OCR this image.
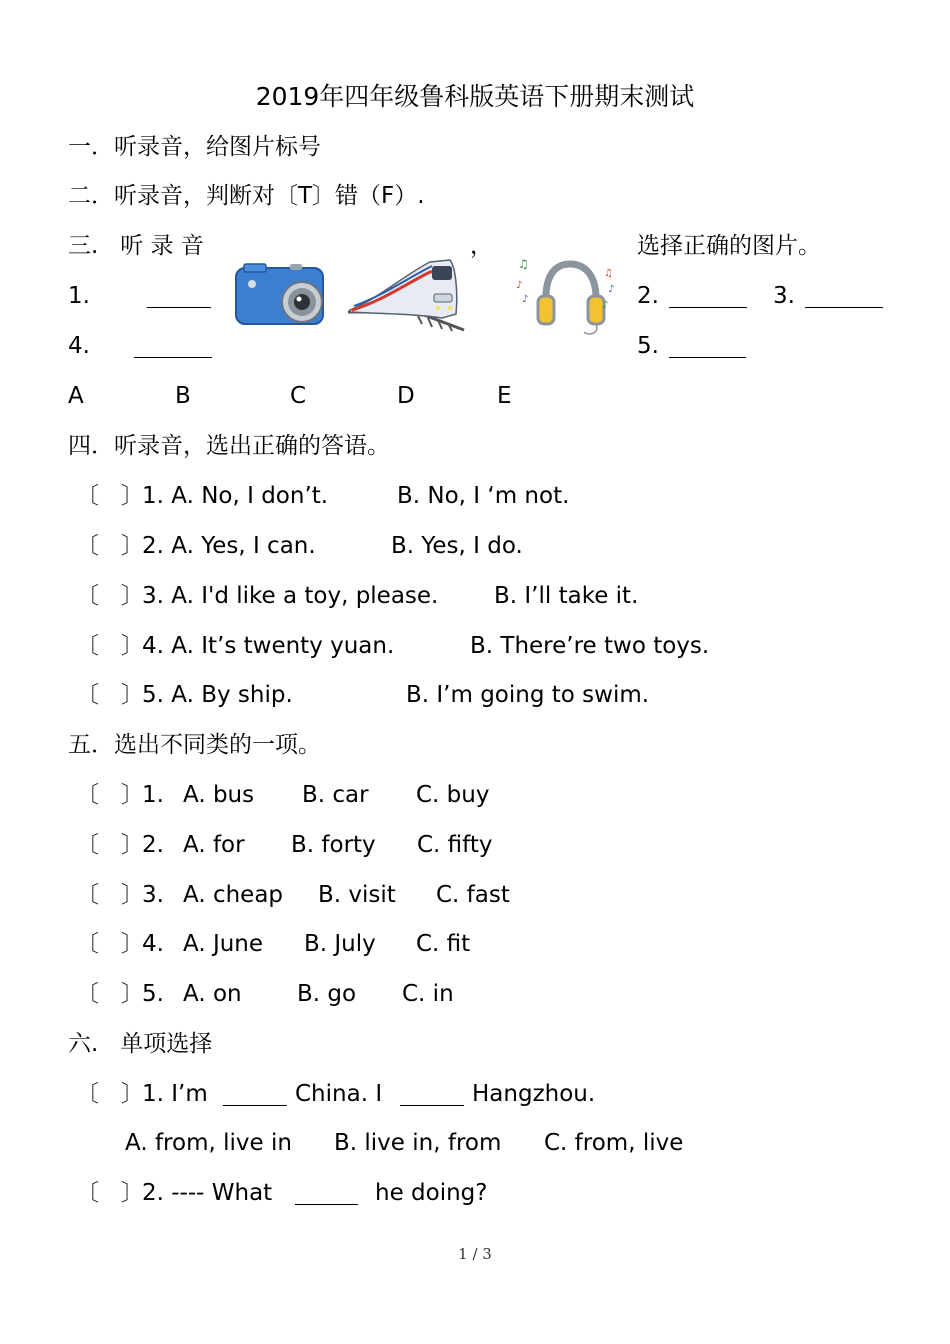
2019年四年级鲁科版英语下册期末测试
一．听录音，给图片标号
二．听录音，判断对〔T〕错（F）.
三.   听 录 音	，	选择正确的图片。
1.	2.	3.
4.	5.
♫
♪
♪
♫
♪
♪
A	B	C	D	E
四．听录音，选出正确的答语。
〔   〕
1. A. No, I don’t.	B. No, I ‘m not.
〔   〕
2. A. Yes, I can.	B. Yes, I do.
〔   〕
3. A. I'd like a toy, please. B. I’ll take it.
〔   〕
4. A. It’s twenty yuan.	B. There’re two toys.
〔   〕
5. A. By ship.	B. I’m going to swim.
五．选出不同类的一项。
〔   〕
1. A. bus B. car C. buy
〔   〕
2. A. for B. forty C. fifty
〔   〕
3. A. cheap B. visit C. fast
〔   〕
4. A. June B. July C. fit
〔   〕
5. A. on B. go C. in
六.   单项选择
〔   〕
1. I’m	China. I	Hangzhou.
A. from, live in B. live in, from C. from, live
〔   〕
2. ---- What	he doing?
1 / 3
